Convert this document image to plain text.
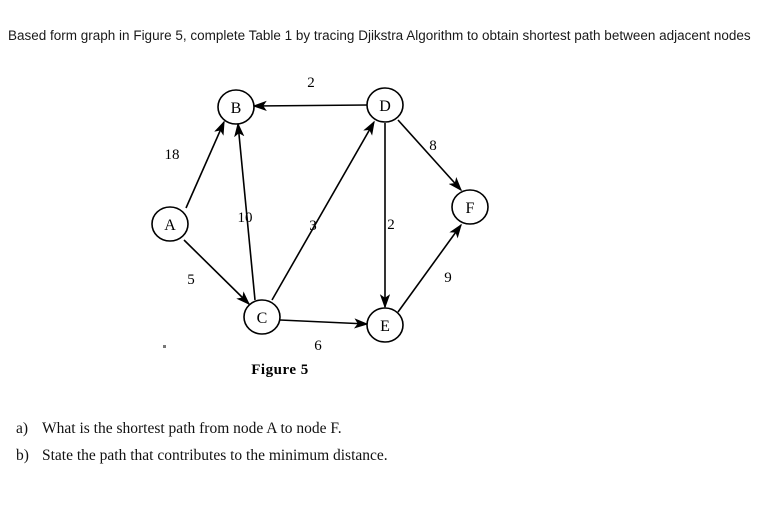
Based form graph in Figure 5, complete Table 1 by tracing Djikstra Algorithm to obtain shortest path between adjacent nodes

A
B
C
D
E
F
18
5
10
2
3
6
2
8
9
Figure 5
a) What is the shortest path from node A to node F.
b) State the path that contributes to the minimum distance.
